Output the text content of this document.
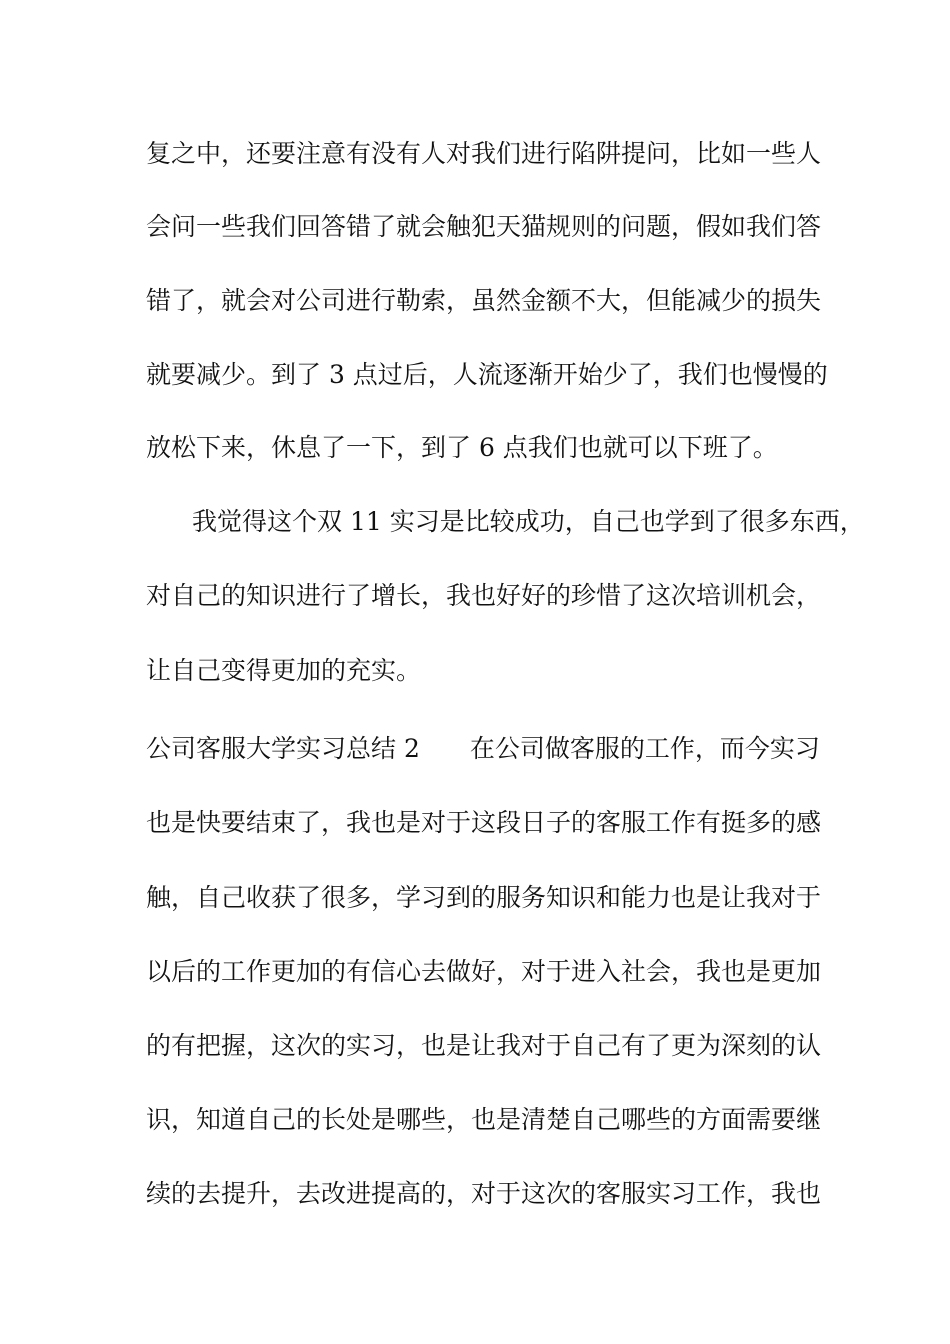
复之中，还要注意有没有人对我们进行陷阱提问，比如一些人
会问一些我们回答错了就会触犯天猫规则的问题，假如我们答
错了，就会对公司进行勒索，虽然金额不大，但能减少的损失
就要减少。到了 3 点过后，人流逐渐开始少了，我们也慢慢的
放松下来，休息了一下，到了 6 点我们也就可以下班了。
我觉得这个双 11 实习是比较成功，自己也学到了很多东西，
对自己的知识进行了增长，我也好好的珍惜了这次培训机会，
让自己变得更加的充实。
公司客服大学实习总结 2　　在公司做客服的工作，而今实习
也是快要结束了，我也是对于这段日子的客服工作有挺多的感
触，自己收获了很多，学习到的服务知识和能力也是让我对于
以后的工作更加的有信心去做好，对于进入社会，我也是更加
的有把握，这次的实习，也是让我对于自己有了更为深刻的认
识，知道自己的长处是哪些，也是清楚自己哪些的方面需要继
续的去提升，去改进提高的，对于这次的客服实习工作，我也
